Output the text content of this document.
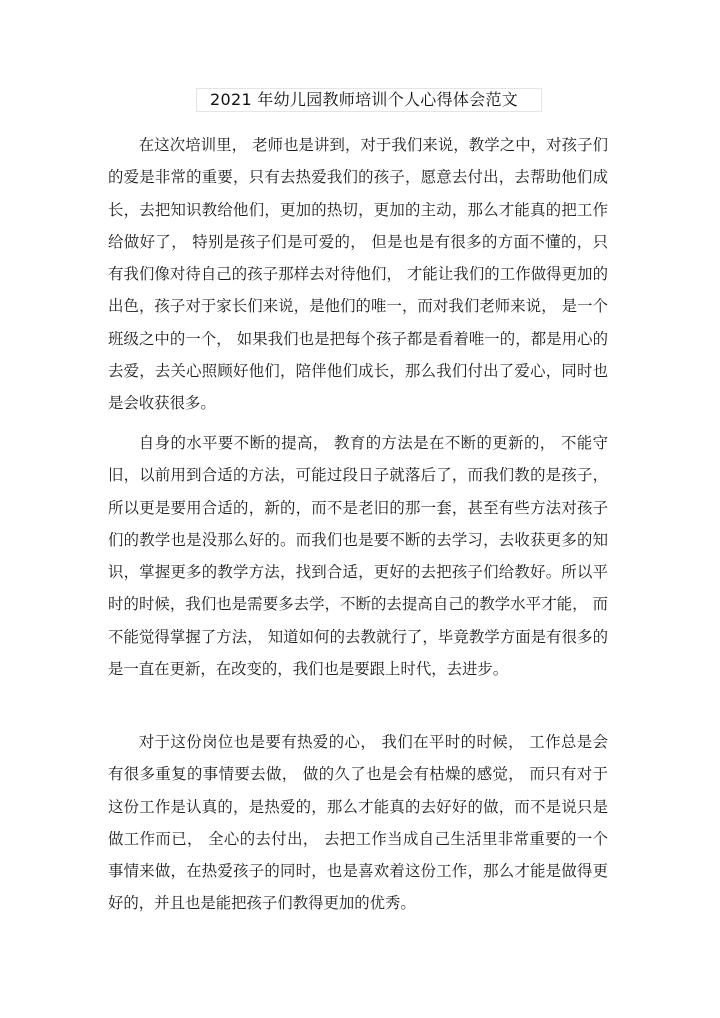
2021 年幼儿园教师培训个人心得体会范文

在这次培训里， 老师也是讲到，对于我们来说，教学之中，对孩子们的爱是非常的重要，只有去热爱我们的孩子，愿意去付出，去帮助他们成长，去把知识教给他们，更加的热切，更加的主动，那么才能真的把工作给做好了， 特别是孩子们是可爱的， 但是也是有很多的方面不懂的，只有我们像对待自己的孩子那样去对待他们， 才能让我们的工作做得更加的出色，孩子对于家长们来说，是他们的唯一，而对我们老师来说， 是一个班级之中的一个， 如果我们也是把每个孩子都是看着唯一的，都是用心的去爱，去关心照顾好他们，陪伴他们成长，那么我们付出了爱心，同时也是会收获很多。

自身的水平要不断的提高， 教育的方法是在不断的更新的， 不能守旧，以前用到合适的方法，可能过段日子就落后了，而我们教的是孩子，所以更是要用合适的，新的，而不是老旧的那一套，甚至有些方法对孩子们的教学也是没那么好的。而我们也是要不断的去学习，去收获更多的知识，掌握更多的教学方法，找到合适，更好的去把孩子们给教好。所以平时的时候，我们也是需要多去学，不断的去提高自己的教学水平才能， 而不能觉得掌握了方法， 知道如何的去教就行了，毕竟教学方面是有很多的是一直在更新，在改变的，我们也是要跟上时代，去进步。

对于这份岗位也是要有热爱的心， 我们在平时的时候， 工作总是会有很多重复的事情要去做， 做的久了也是会有枯燥的感觉， 而只有对于这份工作是认真的，是热爱的，那么才能真的去好好的做，而不是说只是做工作而已， 全心的去付出， 去把工作当成自己生活里非常重要的一个事情来做，在热爱孩子的同时，也是喜欢着这份工作，那么才能是做得更好的，并且也是能把孩子们教得更加的优秀。
